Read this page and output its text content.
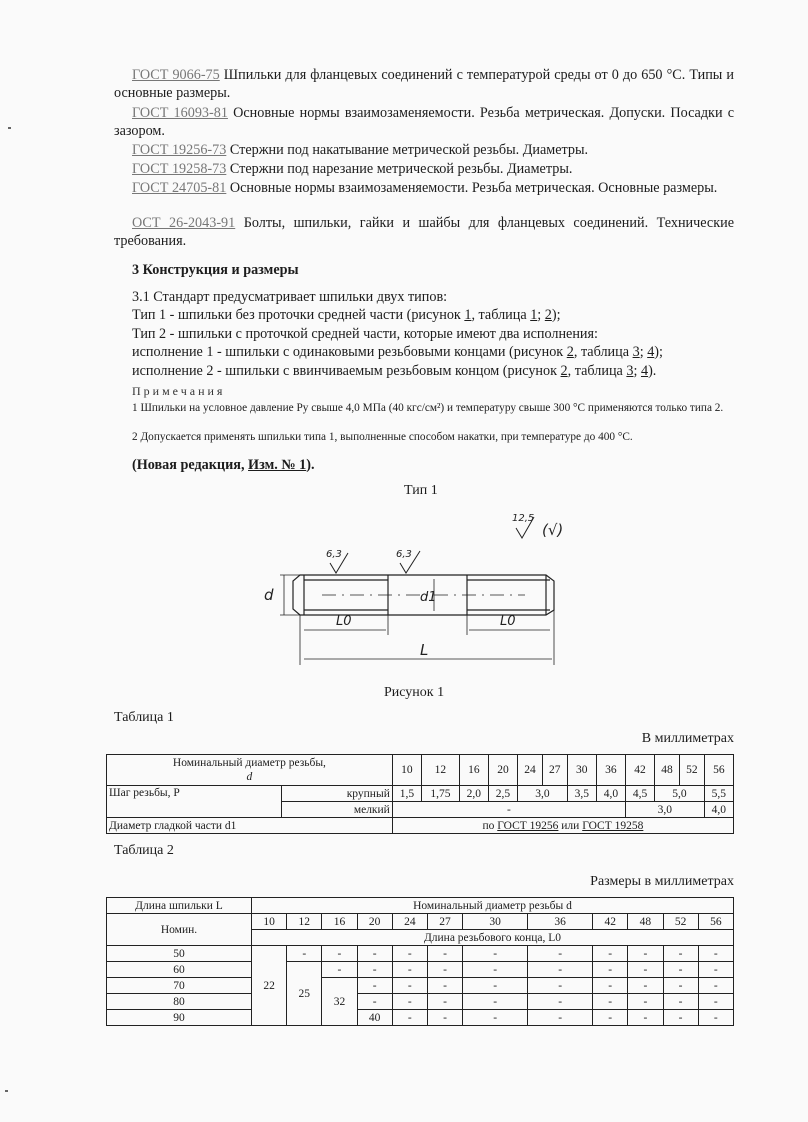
ГОСТ 9066-75 Шпильки для фланцевых соединений с температурой среды от 0 до 650 °С. Типы и основные размеры.

ГОСТ 16093-81 Основные нормы взаимозаменяемости. Резьба метрическая. Допуски. Посадки с зазором.

ГОСТ 19256-73 Стержни под накатывание метрической резьбы. Диаметры.

ГОСТ 19258-73 Стержни под нарезание метрической резьбы. Диаметры.

ГОСТ 24705-81 Основные нормы взаимозаменяемости. Резьба метрическая. Основные размеры.

ОСТ 26-2043-91 Болты, шпильки, гайки и шайбы для фланцевых соединений. Технические требования.

3 Конструкция и размеры

3.1 Стандарт предусматривает шпильки двух типов:

Тип 1 - шпильки без проточки средней части (рисунок 1, таблица 1; 2);

Тип 2 - шпильки с проточкой средней части, которые имеют два исполнения:

исполнение 1 - шпильки с одинаковыми резьбовыми концами (рисунок 2, таблица 3; 4);

исполнение 2 - шпильки с ввинчиваемым резьбовым концом (рисунок 2, таблица 3; 4).

Примечания
1 Шпильки на условное давление Ру свыше 4,0 МПа (40 кгс/см²) и температуру свыше 300 °С применяются только типа 2.
2 Допускается применять шпильки типа 1, выполненные способом накатки, при температуре до 400 °С.

(Новая редакция, Изм. № 1).

Тип 1
6,3	6,3
12,5
(√)
d	d1
L0	L0
L
Рисунок 1
Таблица 1
В миллиметрах
Номинальный диаметр резьбы,
d		10	12	16	20	24	27	30	36	42	48	52	56
Шаг резьбы, P	крупный	1,5	1,75	2,0	2,5	3,0		3,5	4,0	4,5	5,0		5,5
	мелкий	-								3,0			4,0
Диаметр гладкой части d1		по ГОСТ 19256 или ГОСТ 19258											
Таблица 2
Размеры в миллиметрах
Длина шпильки L	Номинальный диаметр резьбы d											
Номин.	10	12	16	20	24	27	30	36	42	48	52	56
	Длина резьбового конца, L0											
50	22	-	-	-	-	-	-	-	-	-	-	-
60		25	-	-	-	-	-	-	-	-	-	-
70			32	-	-	-	-	-	-	-	-	-
80				-	-	-	-	-	-	-	-	-
90				40	-	-	-	-	-	-	-	-
